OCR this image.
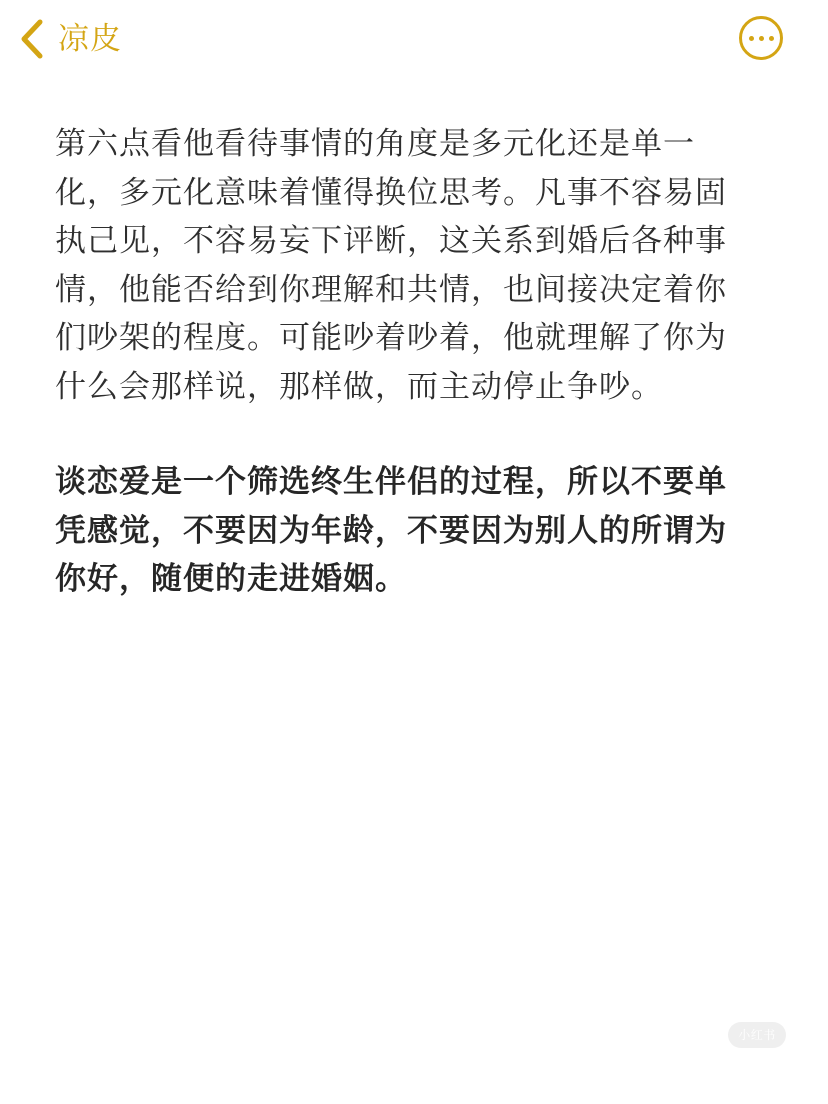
凉皮

第六点看他看待事情的角度是多元化还是单一化，多元化意味着懂得换位思考。凡事不容易固执己见，不容易妄下评断，这关系到婚后各种事情，他能否给到你理解和共情，也间接决定着你们吵架的程度。可能吵着吵着，他就理解了你为什么会那样说，那样做，而主动停止争吵。

谈恋爱是一个筛选终生伴侣的过程，所以不要单凭感觉，不要因为年龄，不要因为别人的所谓为你好，随便的走进婚姻。

小红书
